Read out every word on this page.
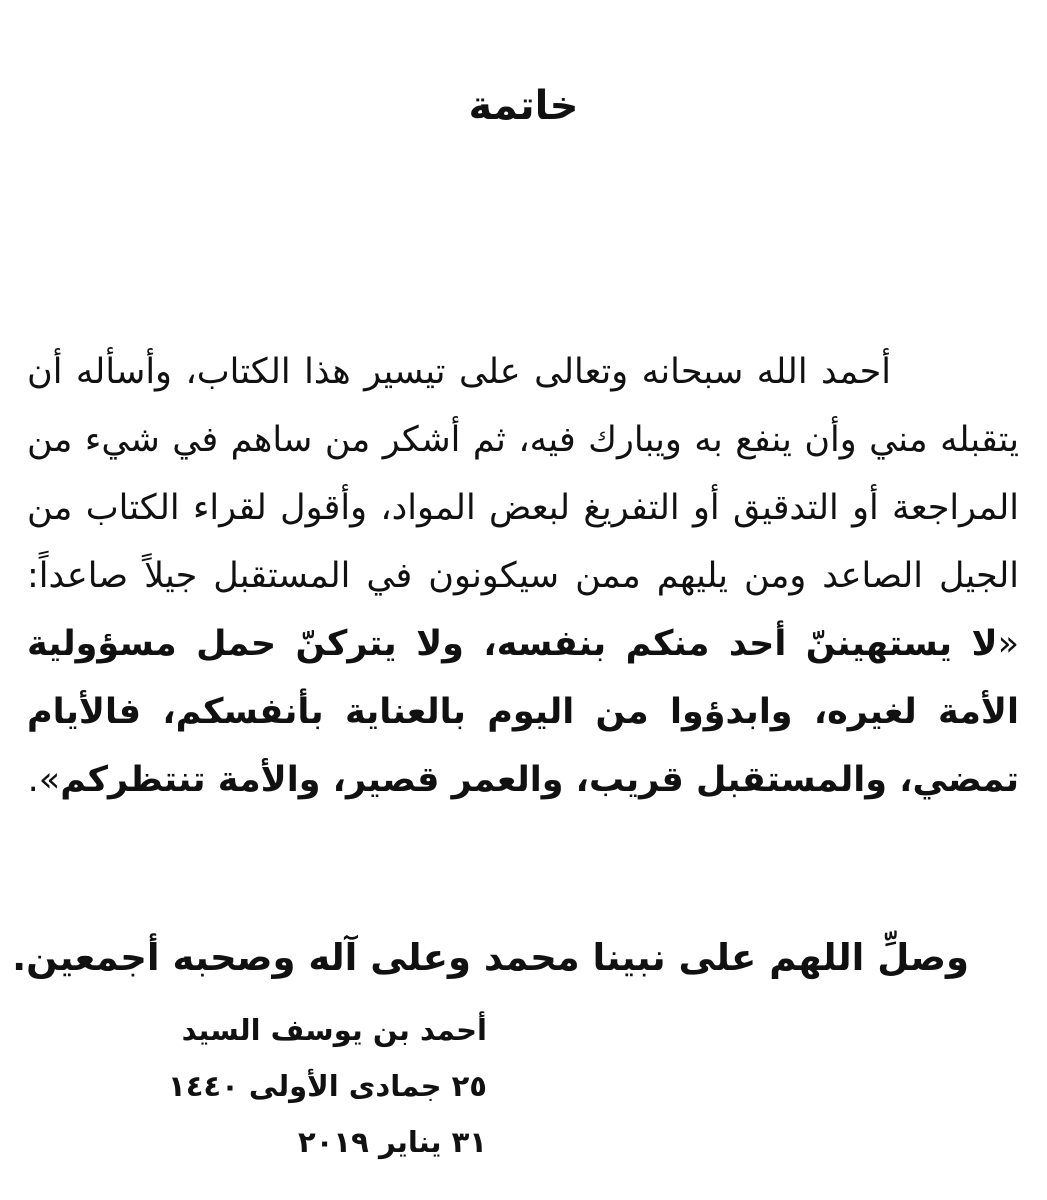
خاتمة

أحمد الله سبحانه وتعالى على تيسير هذا الكتاب، وأسأله أن يتقبله مني وأن ينفع به ويبارك فيه، ثم أشكر من ساهم في شيء من المراجعة أو التدقيق أو التفريغ لبعض المواد، وأقول لقراء الكتاب من الجيل الصاعد ومن يليهم ممن سيكونون في المستقبل جيلاً صاعداً: «لا يستهيننّ أحد منكم بنفسه، ولا يتركنّ حمل مسؤولية الأمة لغيره، وابدؤوا من اليوم بالعناية بأنفسكم، فالأيام تمضي، والمستقبل قريب، والعمر قصير، والأمة تنتظركم».

وصلِّ اللهم على نبينا محمد وعلى آله وصحبه أجمعين.

أحمد بن يوسف السيد
٢٥ جمادى الأولى ١٤٤٠
٣١ يناير ٢٠١٩
